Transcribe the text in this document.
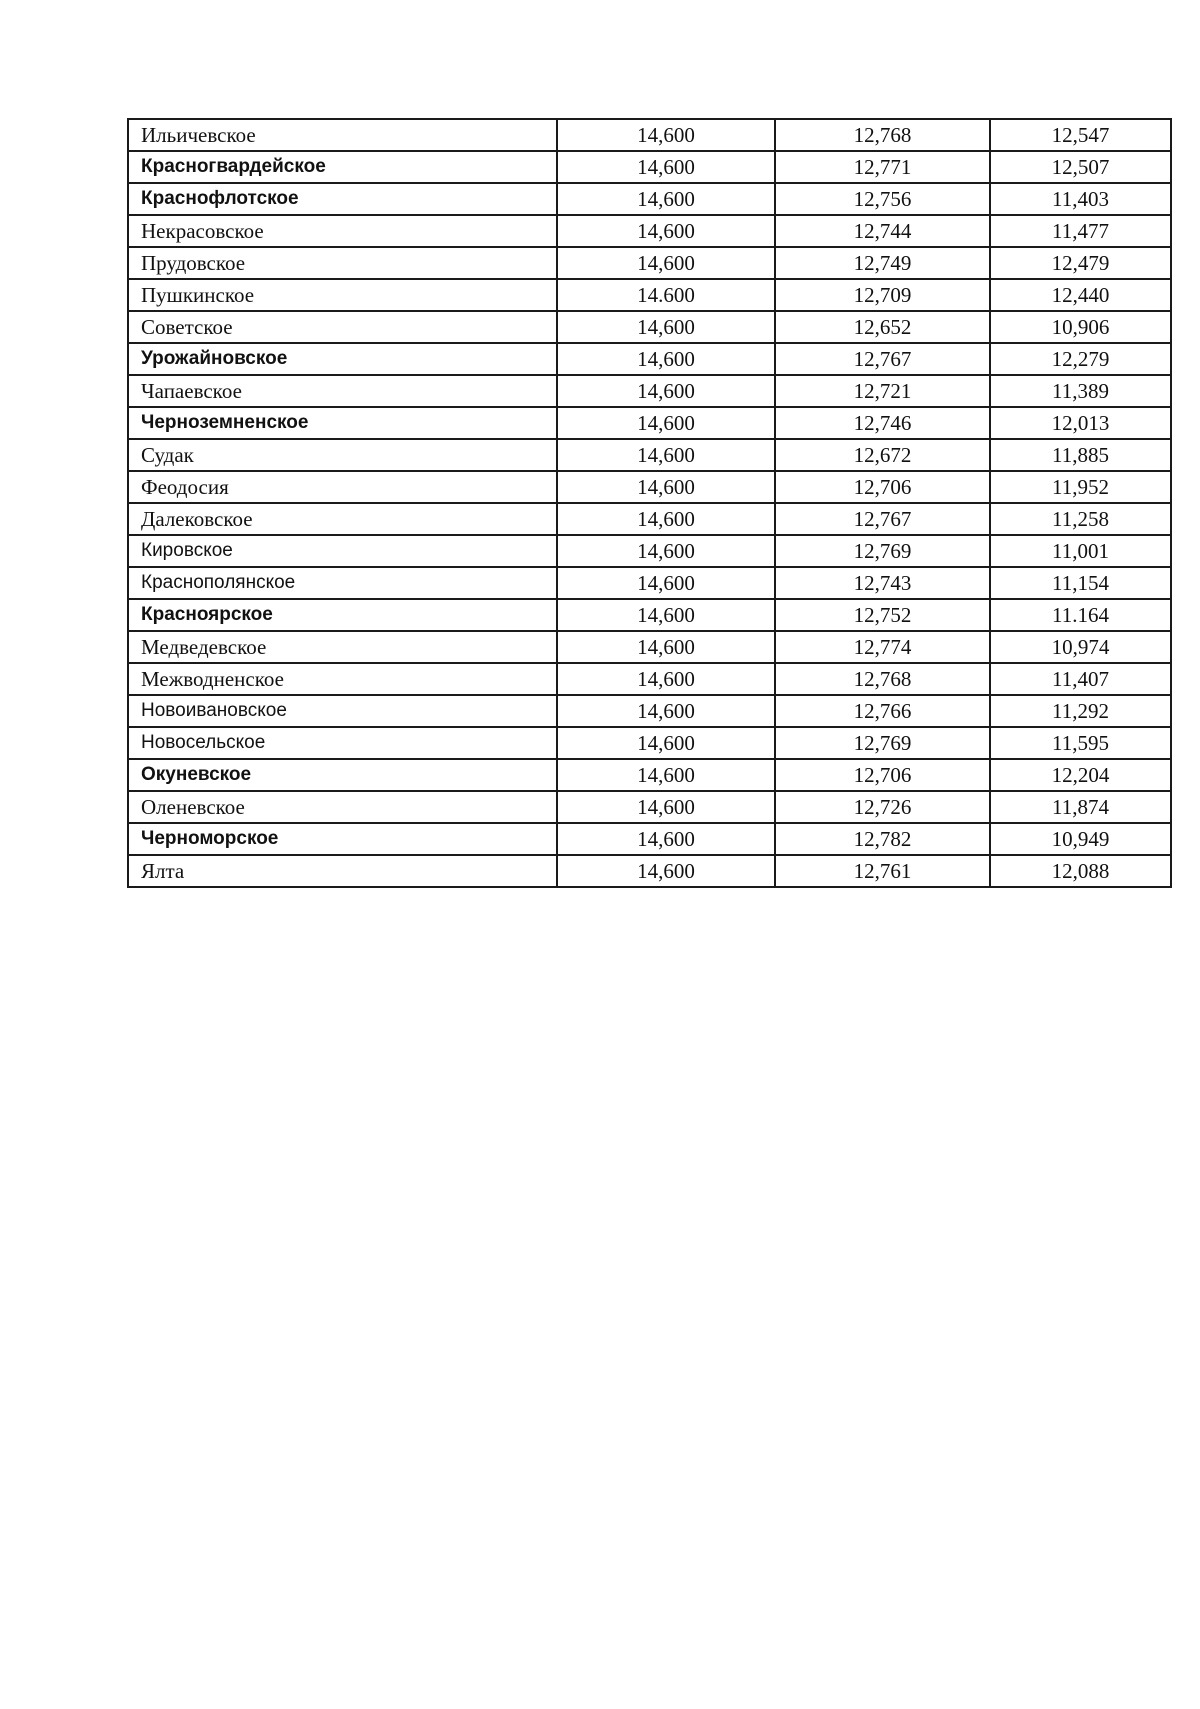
Ильичевское	14,600	12,768	12,547
Красногвардейское	14,600	12,771	12,507
Краснофлотское	14,600	12,756	11,403
Некрасовское	14,600	12,744	11,477
Прудовское	14,600	12,749	12,479
Пушкинское	14.600	12,709	12,440
Советское	14,600	12,652	10,906
Урожайновское	14,600	12,767	12,279
Чапаевское	14,600	12,721	11,389
Черноземненское	14,600	12,746	12,013
Судак	14,600	12,672	11,885
Феодосия	14,600	12,706	11,952
Далековское	14,600	12,767	11,258
Кировское	14,600	12,769	11,001
Краснополянское	14,600	12,743	11,154
Красноярское	14,600	12,752	11.164
Медведевское	14,600	12,774	10,974
Межводненское	14,600	12,768	11,407
Новоивановское	14,600	12,766	11,292
Новосельское	14,600	12,769	11,595
Окуневское	14,600	12,706	12,204
Оленевское	14,600	12,726	11,874
Черноморское	14,600	12,782	10,949
Ялта	14,600	12,761	12,088
